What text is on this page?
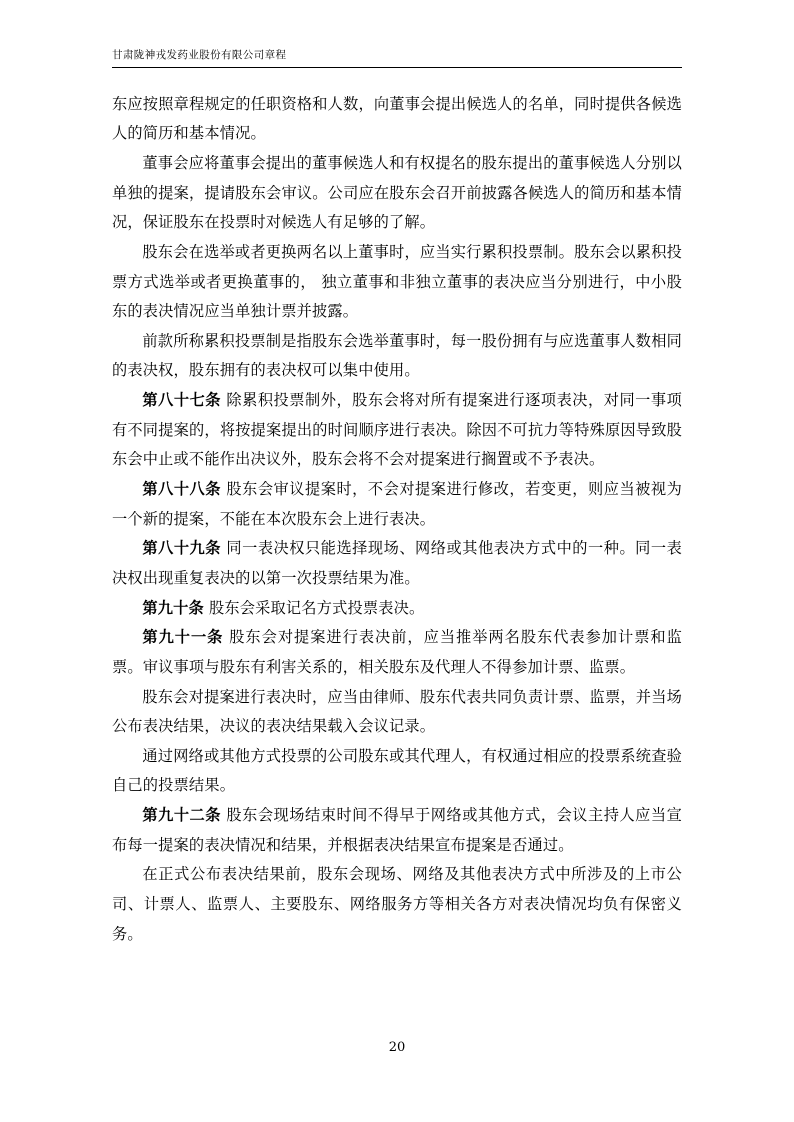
甘肃陇神戎发药业股份有限公司章程

东应按照章程规定的任职资格和人数，向董事会提出候选人的名单，同时提供各候选人的简历和基本情况。

董事会应将董事会提出的董事候选人和有权提名的股东提出的董事候选人分别以单独的提案，提请股东会审议。公司应在股东会召开前披露各候选人的简历和基本情况，保证股东在投票时对候选人有足够的了解。

股东会在选举或者更换两名以上董事时，应当实行累积投票制。股东会以累积投票方式选举或者更换董事的， 独立董事和非独立董事的表决应当分别进行，中小股东的表决情况应当单独计票并披露。

前款所称累积投票制是指股东会选举董事时，每一股份拥有与应选董事人数相同的表决权，股东拥有的表决权可以集中使用。

第八十七条 除累积投票制外，股东会将对所有提案进行逐项表决，对同一事项有不同提案的，将按提案提出的时间顺序进行表决。除因不可抗力等特殊原因导致股东会中止或不能作出决议外，股东会将不会对提案进行搁置或不予表决。

第八十八条 股东会审议提案时，不会对提案进行修改，若变更，则应当被视为一个新的提案，不能在本次股东会上进行表决。

第八十九条 同一表决权只能选择现场、网络或其他表决方式中的一种。同一表决权出现重复表决的以第一次投票结果为准。

第九十条 股东会采取记名方式投票表决。

第九十一条 股东会对提案进行表决前，应当推举两名股东代表参加计票和监票。审议事项与股东有利害关系的，相关股东及代理人不得参加计票、监票。

股东会对提案进行表决时，应当由律师、股东代表共同负责计票、监票，并当场公布表决结果，决议的表决结果载入会议记录。

通过网络或其他方式投票的公司股东或其代理人，有权通过相应的投票系统查验自己的投票结果。

第九十二条 股东会现场结束时间不得早于网络或其他方式，会议主持人应当宣布每一提案的表决情况和结果，并根据表决结果宣布提案是否通过。

在正式公布表决结果前，股东会现场、网络及其他表决方式中所涉及的上市公司、计票人、监票人、主要股东、网络服务方等相关各方对表决情况均负有保密义务。

20
